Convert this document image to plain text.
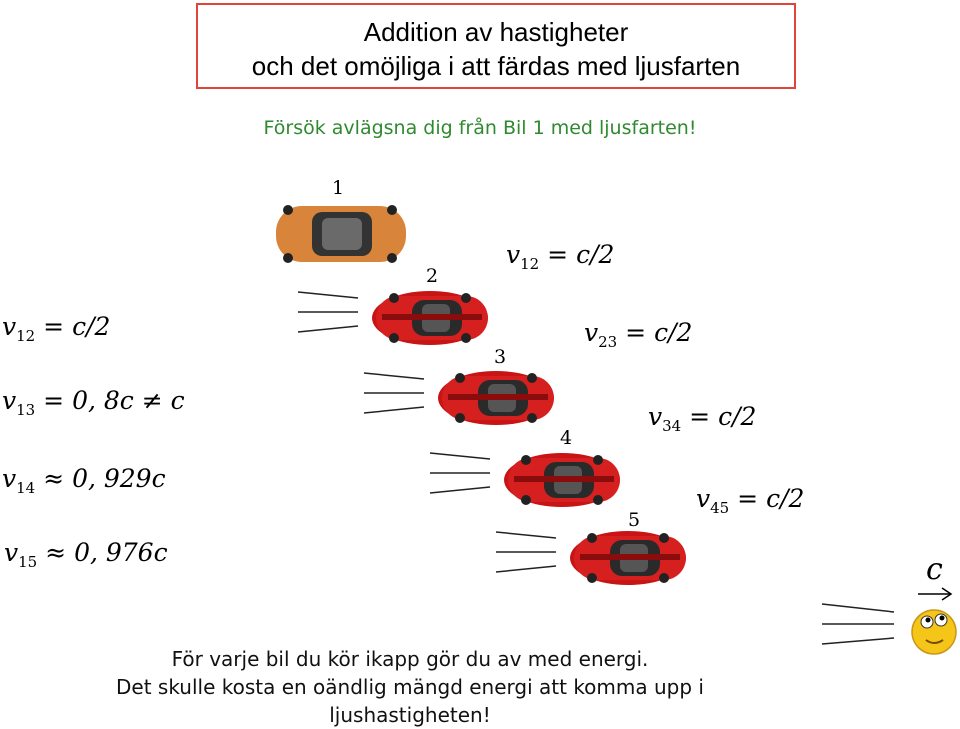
Addition av hastigheter
och det omöjliga i att färdas med ljusfarten
Försök avlägsna dig från Bil 1 med ljusfarten!
1
2
3
4
5
$v_{12} = c/2$
$v_{23} = c/2$
$v_{34} = c/2$
$v_{45} = c/2$
$v_{12} = c/2$
$v_{13} = 0$, 8c ≠ c
$v_{14} \approx 0$, 929c
$v_{15} \approx 0$, 976c	c
För varje bil du kör ikapp gör du av med energi.
Det skulle kosta en oändlig mängd energi att komma upp i
ljushastigheten!
